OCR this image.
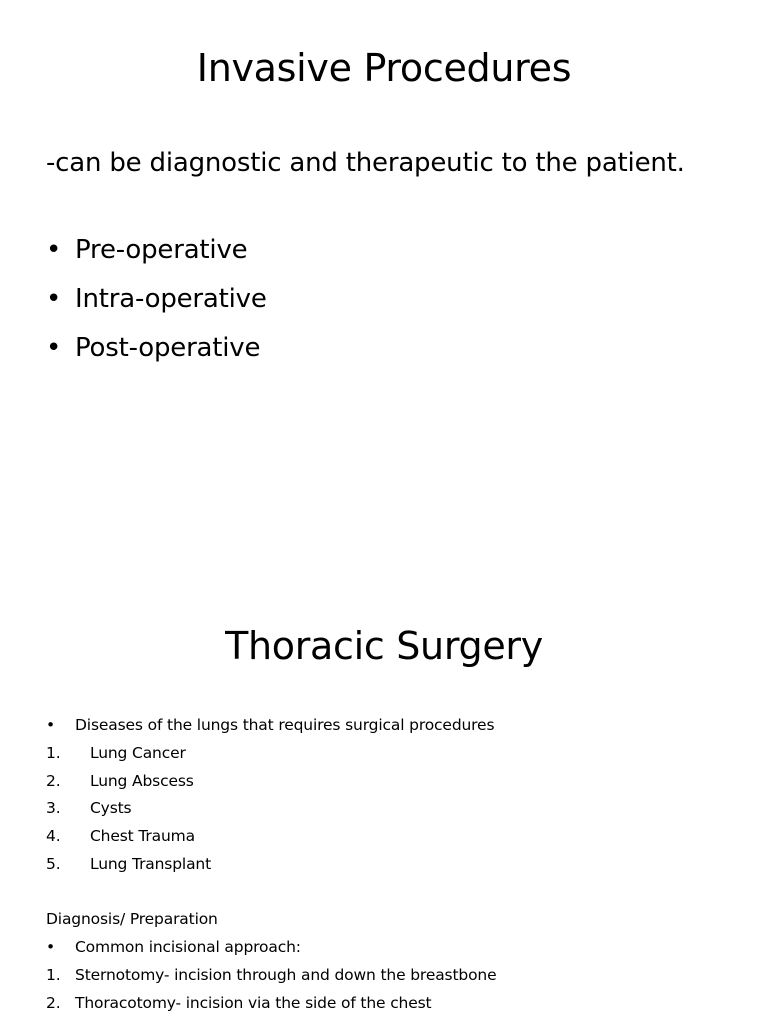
Invasive Procedures
-can be diagnostic and therapeutic to the patient.
• Pre-operative
• Intra-operative
• Post-operative
Thoracic Surgery
• Diseases of the lungs that requires surgical procedures
1. Lung Cancer
2. Lung Abscess
3. Cysts
4. Chest Trauma
5. Lung Transplant
Diagnosis/ Preparation
• Common incisional approach:
1. Sternotomy- incision through and down the breastbone
2. Thoracotomy- incision via the side of the chest
